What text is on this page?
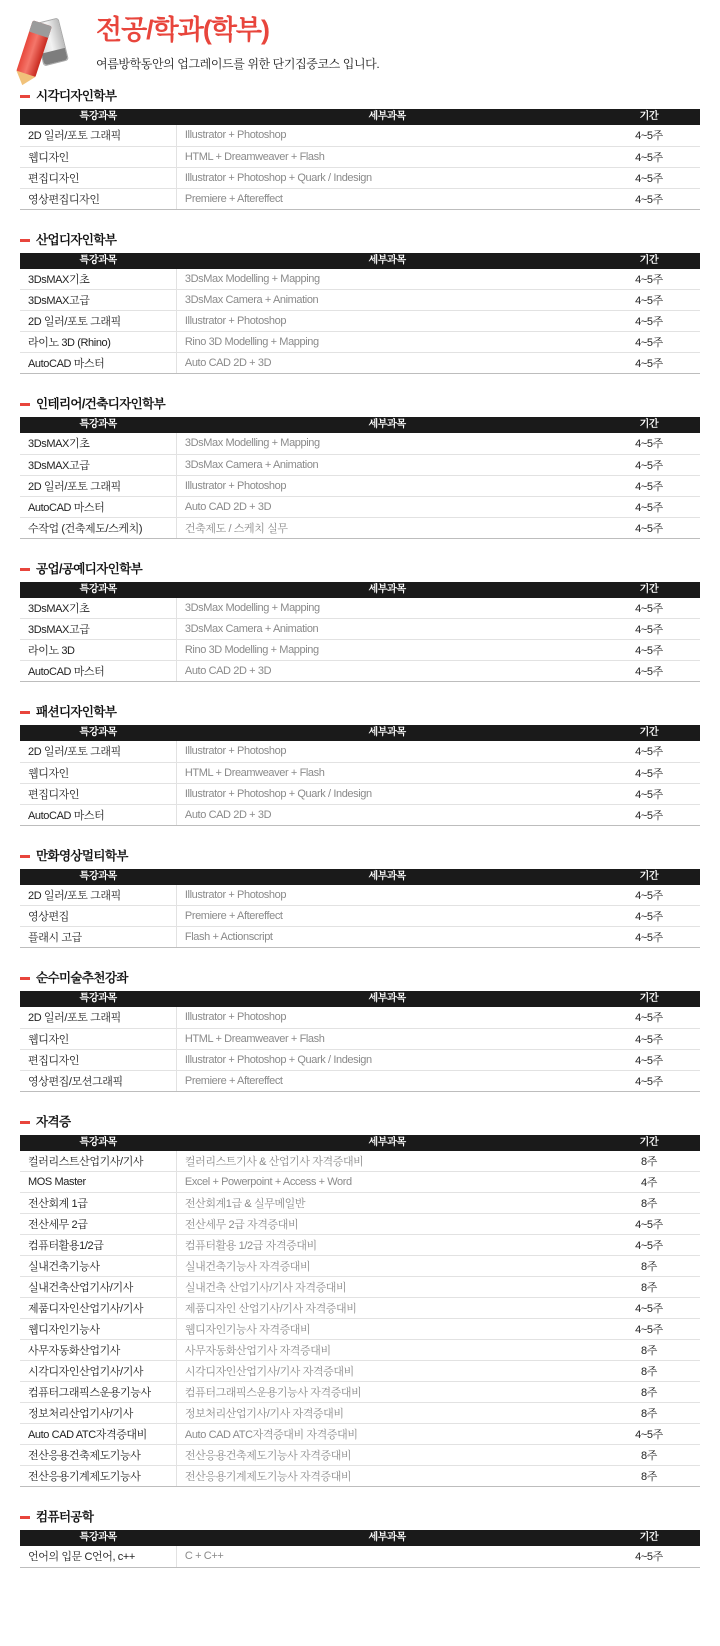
전공/학과(학부)
여름방학동안의 업그레이드를 위한 단기집중코스 입니다.
시각디자인학부
특강과목	세부과목	기간
2D 일러/포토 그래픽	Illustrator + Photoshop	4~5주
웹디자인	HTML + Dreamweaver + Flash	4~5주
편집디자인	Illustrator + Photoshop + Quark / Indesign	4~5주
영상편집디자인	Premiere + Aftereffect	4~5주
산업디자인학부
특강과목	세부과목	기간
3DsMAX기초	3DsMax Modelling + Mapping	4~5주
3DsMAX고급	3DsMax Camera + Animation	4~5주
2D 일러/포토 그래픽	Illustrator + Photoshop	4~5주
라이노 3D (Rhino)	Rino 3D Modelling + Mapping	4~5주
AutoCAD 마스터	Auto CAD 2D + 3D	4~5주
인테리어/건축디자인학부
특강과목	세부과목	기간
3DsMAX기초	3DsMax Modelling + Mapping	4~5주
3DsMAX고급	3DsMax Camera + Animation	4~5주
2D 일러/포토 그래픽	Illustrator + Photoshop	4~5주
AutoCAD 마스터	Auto CAD 2D + 3D	4~5주
수작업 (건축제도/스케치)	건축제도 / 스케치 실무	4~5주
공업/공예디자인학부
특강과목	세부과목	기간
3DsMAX기초	3DsMax Modelling + Mapping	4~5주
3DsMAX고급	3DsMax Camera + Animation	4~5주
라이노 3D	Rino 3D Modelling + Mapping	4~5주
AutoCAD 마스터	Auto CAD 2D + 3D	4~5주
패션디자인학부
특강과목	세부과목	기간
2D 일러/포토 그래픽	Illustrator + Photoshop	4~5주
웹디자인	HTML + Dreamweaver + Flash	4~5주
편집디자인	Illustrator + Photoshop + Quark / Indesign	4~5주
AutoCAD 마스터	Auto CAD 2D + 3D	4~5주
만화영상멀티학부
특강과목	세부과목	기간
2D 일러/포토 그래픽	Illustrator + Photoshop	4~5주
영상편집	Premiere + Aftereffect	4~5주
플래시 고급	Flash + Actionscript	4~5주
순수미술추천강좌
특강과목	세부과목	기간
2D 일러/포토 그래픽	Illustrator + Photoshop	4~5주
웹디자인	HTML + Dreamweaver + Flash	4~5주
편집디자인	Illustrator + Photoshop + Quark / Indesign	4~5주
영상편집/모션그래픽	Premiere + Aftereffect	4~5주
자격증
특강과목	세부과목	기간
컬러리스트산업기사/기사	컬러리스트기사 & 산업기사 자격증대비	8주
MOS Master	Excel + Powerpoint + Access + Word	4주
전산회계 1급	전산회계1급 & 실무메일반	8주
전산세무 2급	전산세무 2급 자격증대비	4~5주
컴퓨터활용1/2급	컴퓨터활용 1/2급 자격증대비	4~5주
실내건축기능사	실내건축기능사 자격증대비	8주
실내건축산업기사/기사	실내건축 산업기사/기사 자격증대비	8주
제품디자인산업기사/기사	제품디자인 산업기사/기사 자격증대비	4~5주
웹디자인기능사	웹디자인기능사 자격증대비	4~5주
사무자동화산업기사	사무자동화산업기사 자격증대비	8주
시각디자인산업기사/기사	시각디자인산업기사/기사 자격증대비	8주
컴퓨터그래픽스운용기능사	컴퓨터그래픽스운용기능사 자격증대비	8주
정보처리산업기사/기사	정보처리산업기사/기사 자격증대비	8주
Auto CAD ATC자격증대비	Auto CAD ATC자격증대비 자격증대비	4~5주
전산응용건축제도기능사	전산응용건축제도기능사 자격증대비	8주
전산응용기계제도기능사	전산응용기계제도기능사 자격증대비	8주
컴퓨터공학
특강과목	세부과목	기간
언어의 입문 C언어, c++	C + C++	4~5주
